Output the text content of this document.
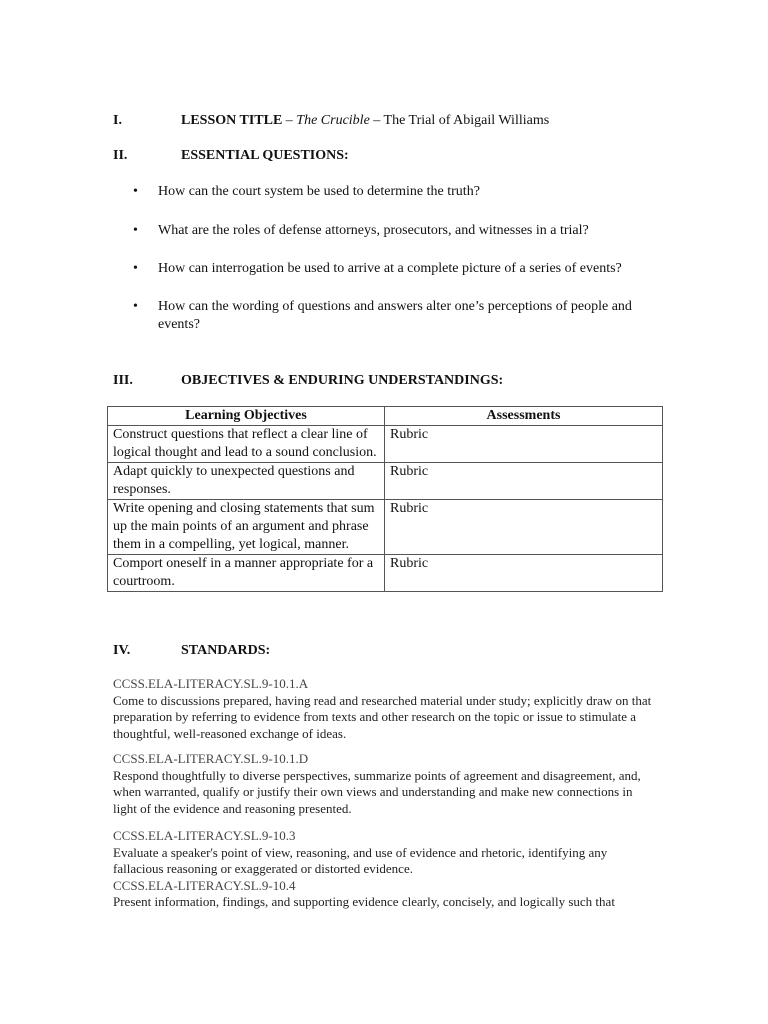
I.	LESSON TITLE – The Crucible – The Trial of Abigail Williams
II.	ESSENTIAL QUESTIONS:
• How can the court system be used to determine the truth?
• What are the roles of defense attorneys, prosecutors, and witnesses in a trial?
• How can interrogation be used to arrive at a complete picture of a series of events?
• How can the wording of questions and answers alter one’s perceptions of people and events?
III.	OBJECTIVES & ENDURING UNDERSTANDINGS:
Learning Objectives	Assessments
Construct questions that reflect a clear line of logical thought and lead to a sound conclusion.	Rubric
Adapt quickly to unexpected questions and responses.	Rubric
Write opening and closing statements that sum up the main points of an argument and phrase them in a compelling, yet logical, manner.	Rubric
Comport oneself in a manner appropriate for a courtroom.	Rubric
IV.	STANDARDS:
CCSS.ELA-LITERACY.SL.9-10.1.A
Come to discussions prepared, having read and researched material under study; explicitly draw on that preparation by referring to evidence from texts and other research on the topic or issue to stimulate a thoughtful, well-reasoned exchange of ideas.
CCSS.ELA-LITERACY.SL.9-10.1.D
Respond thoughtfully to diverse perspectives, summarize points of agreement and disagreement, and, when warranted, qualify or justify their own views and understanding and make new connections in light of the evidence and reasoning presented.
CCSS.ELA-LITERACY.SL.9-10.3
Evaluate a speaker's point of view, reasoning, and use of evidence and rhetoric, identifying any fallacious reasoning or exaggerated or distorted evidence.
CCSS.ELA-LITERACY.SL.9-10.4
Present information, findings, and supporting evidence clearly, concisely, and logically such that
